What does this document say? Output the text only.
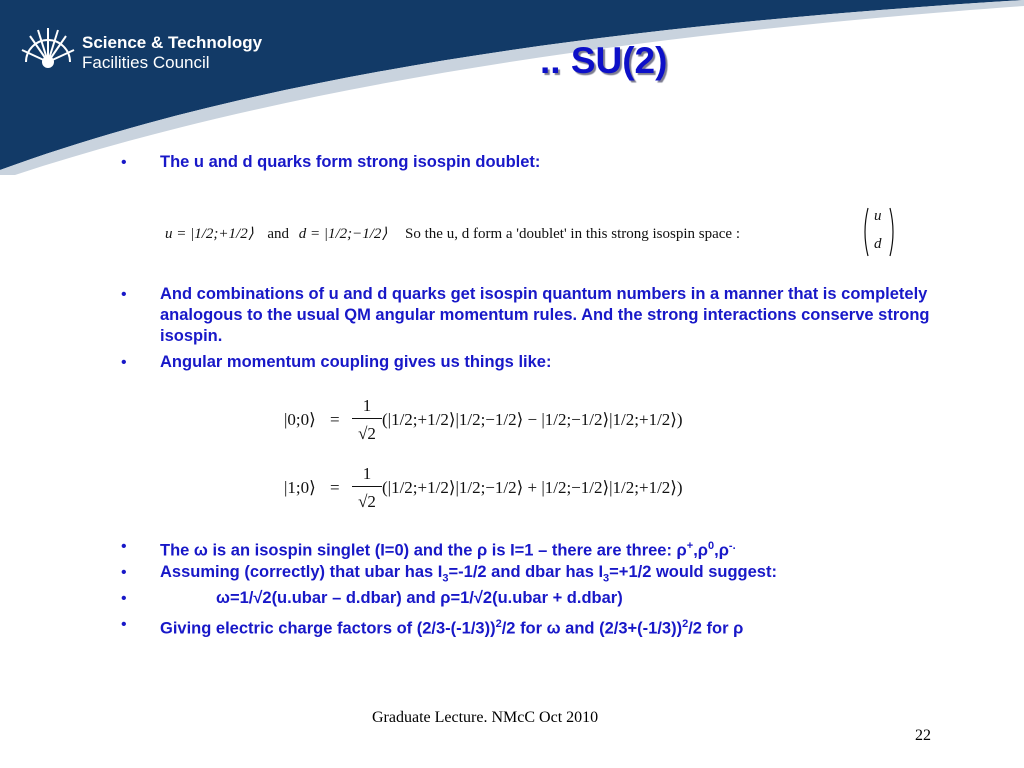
Science & Technology
Facilities Council	.. SU(2)
• The u and d quarks form strong isospin doublet:
u = |1/2;+1/2⟩ and d = |1/2;−1/2⟩ So the u, d form a 'doublet' in this strong isospin space :
u
d
• And combinations of u and d quarks get isospin quantum numbers in a manner that is completely analogous to the usual QM angular momentum rules. And the strong interactions conserve strong isospin.
• Angular momentum coupling gives us things like:
|0;0⟩ =
1
√2
(|1/2;+1/2⟩|1/2;−1/2⟩ − |1/2;−1/2⟩|1/2;+1/2⟩)
|1;0⟩ =
1
√2
(|1/2;+1/2⟩|1/2;−1/2⟩ + |1/2;−1/2⟩|1/2;+1/2⟩)
• The ω is an isospin singlet (I=0) and the ρ is I=1 – there are three: $\rho^+,\rho^0,\rho^{-.}$
• Assuming (correctly) that ubar has $I_3=-1/2$ and dbar has $I_3=+1/2$ would suggest:
•	ω=1/√2(u.ubar – d.dbar) and ρ=1/√2(u.ubar + d.dbar)
• Giving electric charge factors of $(2/3-(-1/3))^2/2$ for ω and $(2/3+(-1/3))^2/2$ for ρ
Graduate Lecture. NMcC Oct 2010
22
